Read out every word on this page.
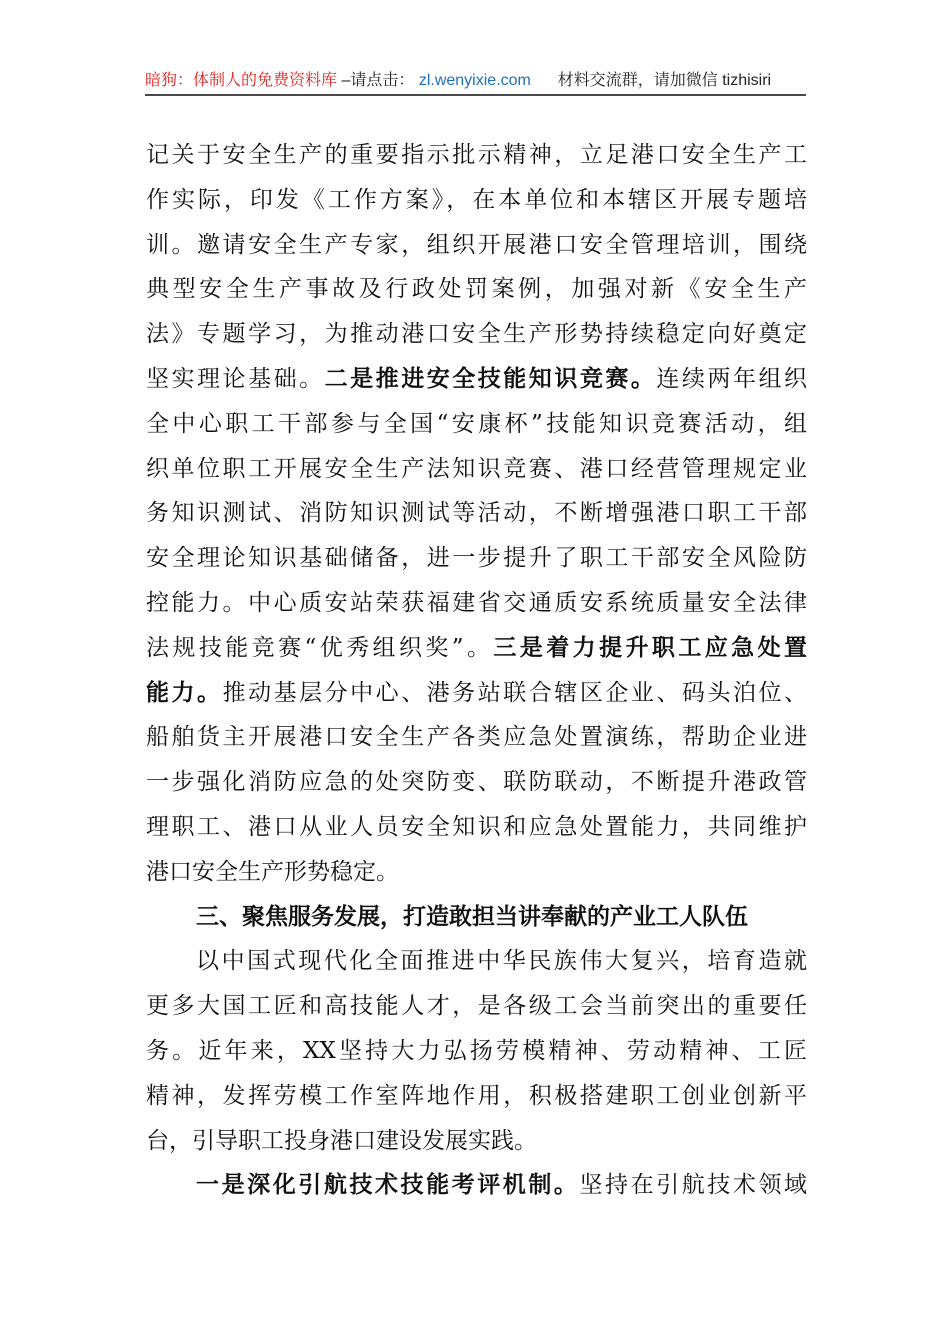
暗狗：体制人的免费资料库 –请点击： zl.wenyixie.com 材料交流群，请加微信 tizhisiri
记关于安全生产的重要指示批示精神，立足港口安全生产工
作实际，印发《工作方案》，在本单位和本辖区开展专题培
训。邀请安全生产专家，组织开展港口安全管理培训，围绕
典型安全生产事故及行政处罚案例，加强对新《安全生产
法》专题学习，为推动港口安全生产形势持续稳定向好奠定
坚实理论基础。二是推进安全技能知识竞赛。连续两年组织
全中心职工干部参与全国“安康杯”技能知识竞赛活动，组
织单位职工开展安全生产法知识竞赛、港口经营管理规定业
务知识测试、消防知识测试等活动，不断增强港口职工干部
安全理论知识基础储备，进一步提升了职工干部安全风险防
控能力。中心质安站荣获福建省交通质安系统质量安全法律
法规技能竞赛“优秀组织奖”。三是着力提升职工应急处置
能力。推动基层分中心、港务站联合辖区企业、码头泊位、
船舶货主开展港口安全生产各类应急处置演练，帮助企业进
一步强化消防应急的处突防变、联防联动，不断提升港政管
理职工、港口从业人员安全知识和应急处置能力，共同维护
港口安全生产形势稳定。
三、聚焦服务发展，打造敢担当讲奉献的产业工人队伍
以中国式现代化全面推进中华民族伟大复兴，培育造就
更多大国工匠和高技能人才，是各级工会当前突出的重要任
务。近年来，XX坚持大力弘扬劳模精神、劳动精神、工匠
精神，发挥劳模工作室阵地作用，积极搭建职工创业创新平
台，引导职工投身港口建设发展实践。
一是深化引航技术技能考评机制。坚持在引航技术领域
